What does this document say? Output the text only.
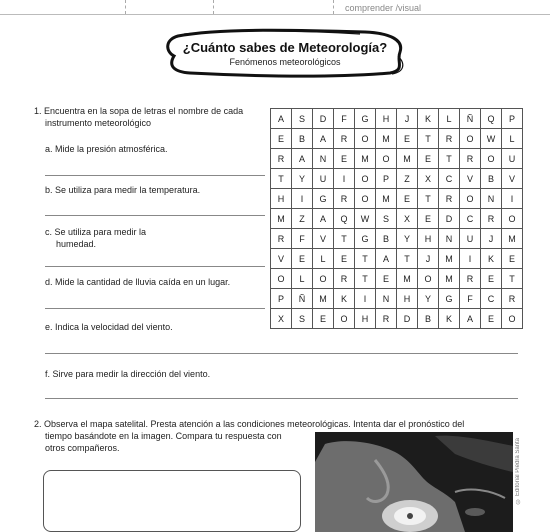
comprender /visual
¿Cuánto sabes de Meteorología?
Fenómenos meteorológicos
1. Encuentra en la sopa de letras el nombre de cada
instrumento meteorológico
a. Mide la presión atmosférica.
b. Se utiliza para medir la temperatura.
c. Se utiliza para medir la
humedad.
d. Mide la cantidad de lluvia caída en un lugar.
e. Indica la velocidad del viento.
f. Sirve para medir la dirección del viento.
A	S	D	F	G	H	J	K	L	Ñ	Q	P
E	B	A	R	O	M	E	T	R	O	W	L
R	A	N	E	M	O	M	E	T	R	O	U
T	Y	U	I	O	P	Z	X	C	V	B	V
H	I	G	R	O	M	E	T	R	O	N	I
M	Z	A	Q	W	S	X	E	D	C	R	O
R	F	V	T	G	B	Y	H	N	U	J	M
V	E	L	E	T	A	T	J	M	I	K	E
O	L	O	R	T	E	M	O	M	R	E	T
P	Ñ	M	K	I	N	H	Y	G	F	C	R
X	S	E	O	H	R	D	B	K	A	E	O
2. Observa el mapa satelital. Presta atención a las condiciones meteorológicas. Intenta dar el pronóstico del
tiempo basándote en la imagen. Compara tu respuesta con
otros compañeros.	© Editorial Piedra Santa
